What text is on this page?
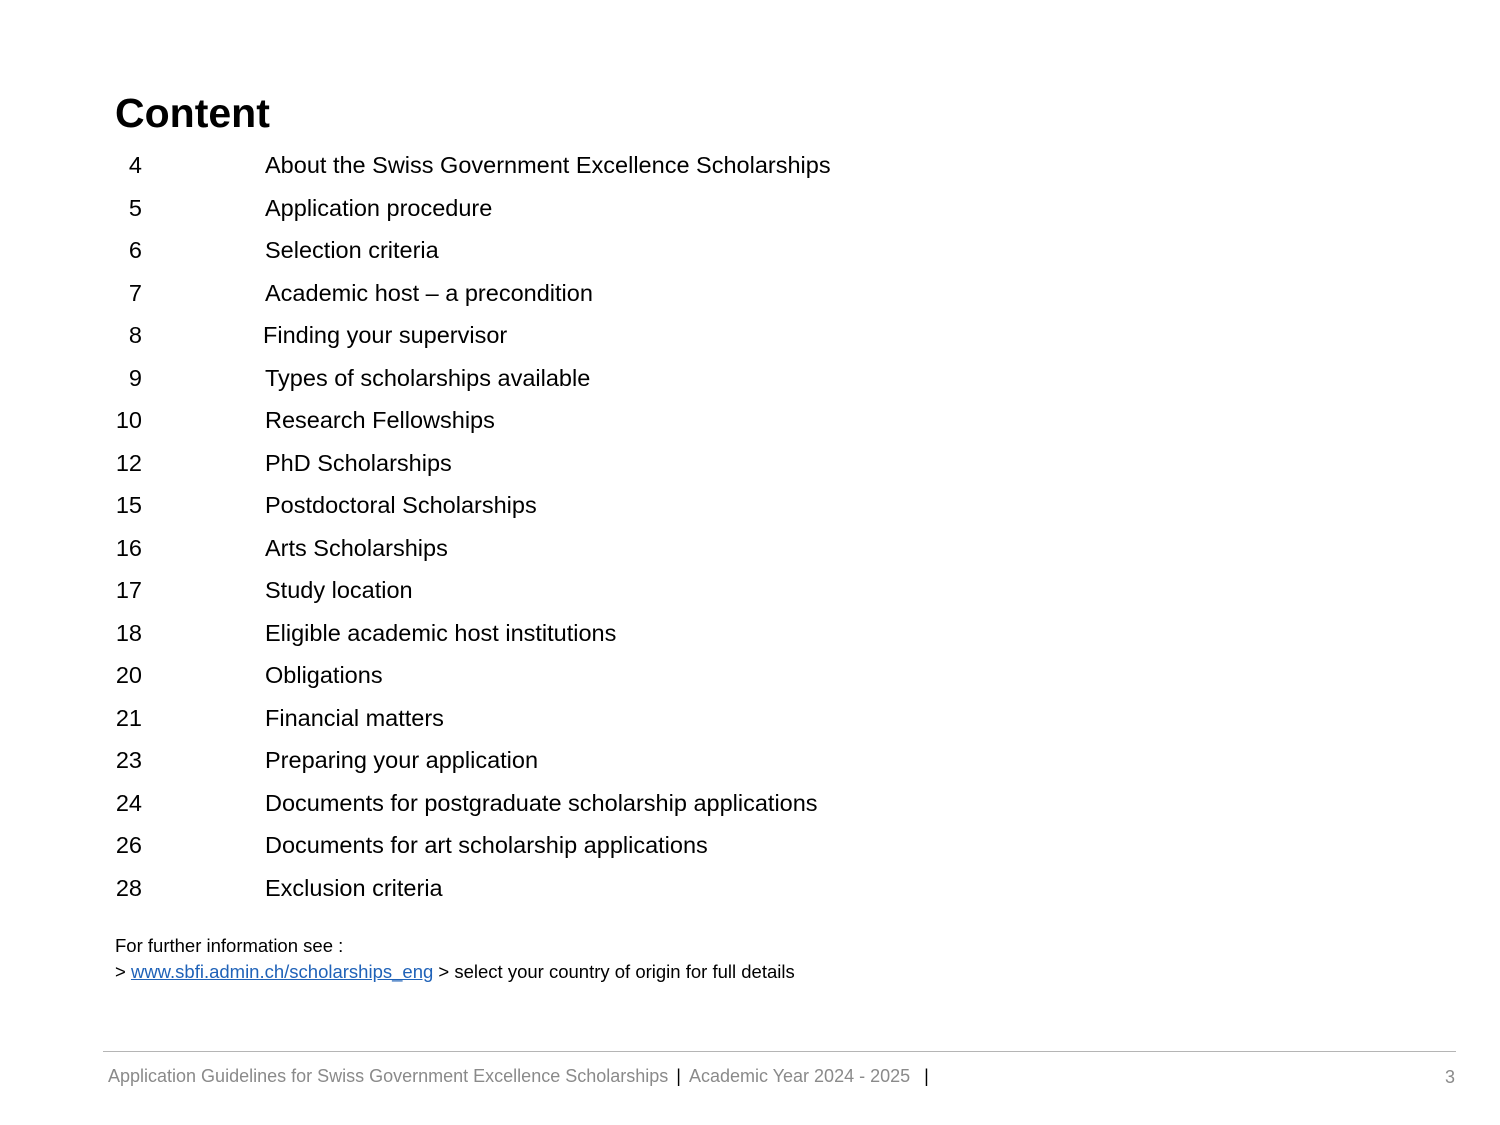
Content
4	About the Swiss Government Excellence Scholarships
5	Application procedure
6	Selection criteria
7	Academic host – a precondition
8	Finding your supervisor
9	Types of scholarships available
10	Research Fellowships
12	PhD Scholarships
15	Postdoctoral Scholarships
16	Arts Scholarships
17	Study location
18	Eligible academic host institutions
20	Obligations
21	Financial matters
23	Preparing your application
24	Documents for postgraduate scholarship applications
26	Documents for art scholarship applications
28	Exclusion criteria
For further information see :
> www.sbfi.admin.ch/scholarships_eng > select your country of origin for full details
Application Guidelines for Swiss Government Excellence Scholarships | Academic Year 2024 - 2025 |	3
